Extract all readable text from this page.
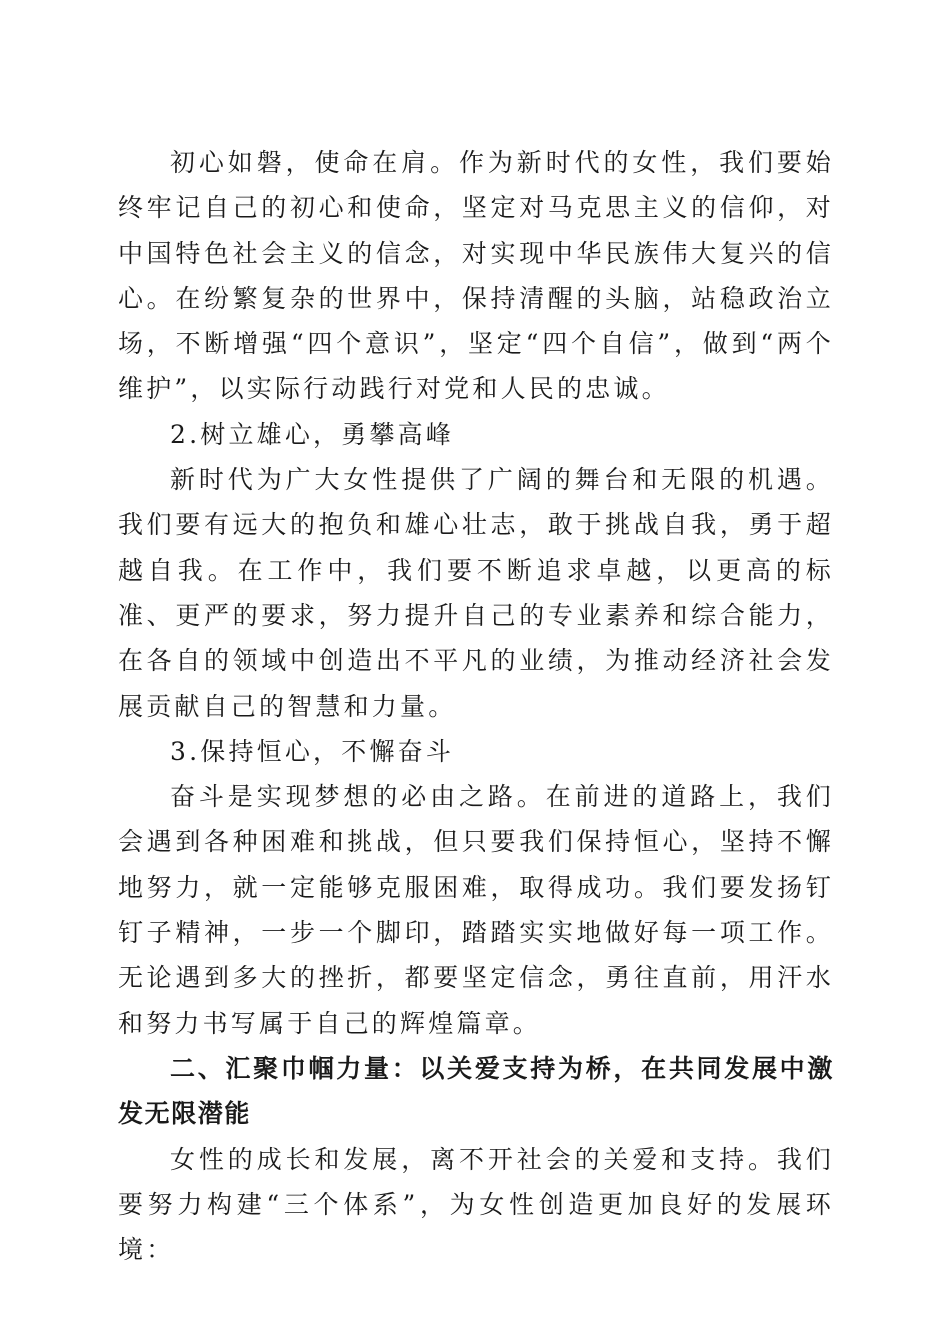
初心如磐，使命在肩。作为新时代的女性，我们要始终牢记自己的初心和使命，坚定对马克思主义的信仰，对中国特色社会主义的信念，对实现中华民族伟大复兴的信心。在纷繁复杂的世界中，保持清醒的头脑，站稳政治立场，不断增强“四个意识”，坚定“四个自信”，做到“两个维护”，以实际行动践行对党和人民的忠诚。

2.树立雄心，勇攀高峰

新时代为广大女性提供了广阔的舞台和无限的机遇。我们要有远大的抱负和雄心壮志，敢于挑战自我，勇于超越自我。在工作中，我们要不断追求卓越，以更高的标准、更严的要求，努力提升自己的专业素养和综合能力，在各自的领域中创造出不平凡的业绩，为推动经济社会发展贡献自己的智慧和力量。

3.保持恒心，不懈奋斗

奋斗是实现梦想的必由之路。在前进的道路上，我们会遇到各种困难和挑战，但只要我们保持恒心，坚持不懈地努力，就一定能够克服困难，取得成功。我们要发扬钉钉子精神，一步一个脚印，踏踏实实地做好每一项工作。无论遇到多大的挫折，都要坚定信念，勇往直前，用汗水和努力书写属于自己的辉煌篇章。

二、汇聚巾帼力量：以关爱支持为桥，在共同发展中激发无限潜能

女性的成长和发展，离不开社会的关爱和支持。我们要努力构建“三个体系”，为女性创造更加良好的发展环境：
